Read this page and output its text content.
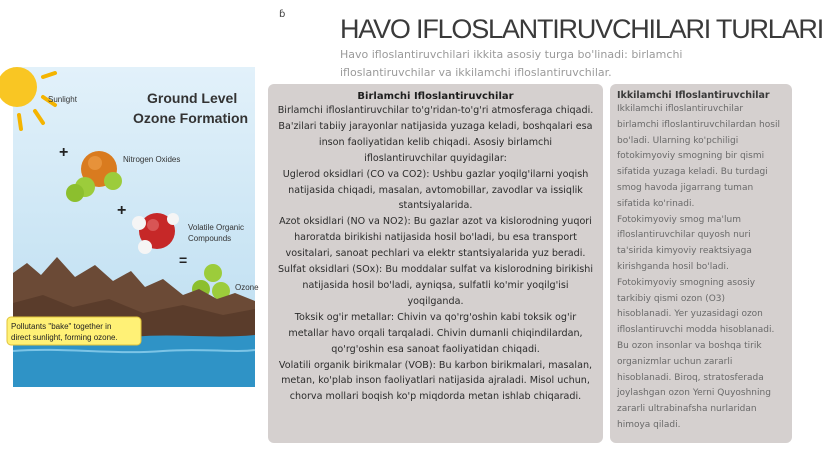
ɓ HAVO IFLOSLANTIRUVCHILARI TURLARI
Havo ifloslantiruvchilari ikkita asosiy turga bo'linadi: birlamchi ifloslantiruvchilar va ikkilamchi ifloslantiruvchilar.
Sunlight	Ground Level
Ozone Formation
+
+
=
Nitrogen Oxides
Volatile Organic
Compounds
Ozone
Pollutants "bake" together in
direct sunlight, forming ozone.
Birlamchi Ifloslantiruvchilar
Birlamchi ifloslantiruvchilar to'g'ridan-to'g'ri atmosferaga chiqadi. Ba'zilari tabiiy jarayonlar natijasida yuzaga keladi, boshqalari esa inson faoliyatidan kelib chiqadi. Asosiy birlamchi ifloslantiruvchilar quyidagilar:
Uglerod oksidlari (CO va CO2): Ushbu gazlar yoqilg'ilarni yoqish natijasida chiqadi, masalan, avtomobillar, zavodlar va issiqlik stantsiyalarida.
Azot oksidlari (NO va NO2): Bu gazlar azot va kislorodning yuqori haroratda birikishi natijasida hosil bo'ladi, bu esa transport vositalari, sanoat pechlari va elektr stantsiyalarida yuz beradi.
Sulfat oksidlari (SOx): Bu moddalar sulfat va kislorodning birikishi natijasida hosil bo'ladi, ayniqsa, sulfatli ko'mir yoqilg'isi yoqilganda.
Toksik og'ir metallar: Chivin va qo'rg'oshin kabi toksik og'ir metallar havo orqali tarqaladi. Chivin dumanli chiqindilardan, qo'rg'oshin esa sanoat faoliyatidan chiqadi.
Volatili organik birikmalar (VOB): Bu karbon birikmalari, masalan, metan, ko'plab inson faoliyatlari natijasida ajraladi. Misol uchun, chorva mollari boqish ko'p miqdorda metan ishlab chiqaradi.
Ikkilamchi Ifloslantiruvchilar
Ikkilamchi ifloslantiruvchilar birlamchi ifloslantiruvchilardan hosil bo'ladi. Ularning ko'pchiligi fotokimyoviy smogning bir qismi sifatida yuzaga keladi. Bu turdagi smog havoda jigarrang tuman sifatida ko'rinadi.
Fotokimyoviy smog ma'lum ifloslantiruvchilar quyosh nuri ta'sirida kimyoviy reaktsiyaga kirishganda hosil bo'ladi.
Fotokimyoviy smogning asosiy tarkibiy qismi ozon (O3) hisoblanadi. Yer yuzasidagi ozon ifloslantiruvchi modda hisoblanadi. Bu ozon insonlar va boshqa tirik organizmlar uchun zararli hisoblanadi. Biroq, stratosferada joylashgan ozon Yerni Quyoshning zararli ultrabinafsha nurlaridan himoya qiladi.
